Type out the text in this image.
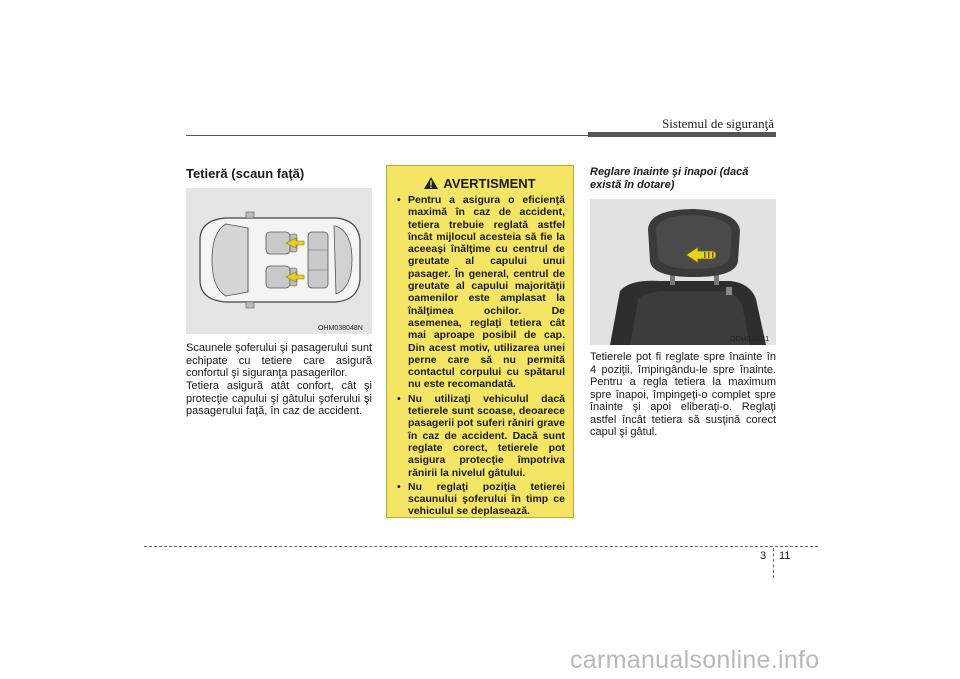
Sistemul de siguranţă
Tetieră (scaun faţă)
OHM038048N
Scaunele şoferului şi pasagerului sunt echipate cu tetiere care asigură confortul şi siguranţa pasagerilor.
Tetiera asigură atât confort, cât şi protecţie capului şi gâtului şoferului şi pasagerului faţă, în caz de accident.
AVERTISMENT
• Pentru a asigura o eficienţă maximă în caz de accident, tetiera trebuie reglată astfel încât mijlocul acesteia să fie la aceeaşi înălţime cu centrul de greutate al capului unui pasager. În general, centrul de greutate al capului majorităţii oamenilor este amplasat la înălţimea ochilor. De asemenea, reglaţi tetiera cât mai aproape posibil de cap. Din acest motiv, utilizarea unei perne care să nu permită contactul corpului cu spătarul nu este recomandată.
• Nu utilizaţi vehiculul dacă tetierele sunt scoase, deoarece pasagerii pot suferi răniri grave în caz de accident. Dacă sunt reglate corect, tetierele pot asigura protecţie împotriva rănirii la nivelul gâtului.
• Nu reglaţi poziţia tetierei scaunului şoferului în timp ce vehiculul se deplasează.
Reglare înainte şi înapoi (dacă există în dotare)
ODM032011
Tetierele pot fi reglate spre înainte în 4 poziţii, împingându-le spre înainte. Pentru a regla tetiera la maximum spre înapoi, împingeţi-o complet spre înainte şi apoi eliberaţi-o. Reglaţi astfel încât tetiera să susţină corect capul şi gâtul.
3 11
carmanualsonline.info
